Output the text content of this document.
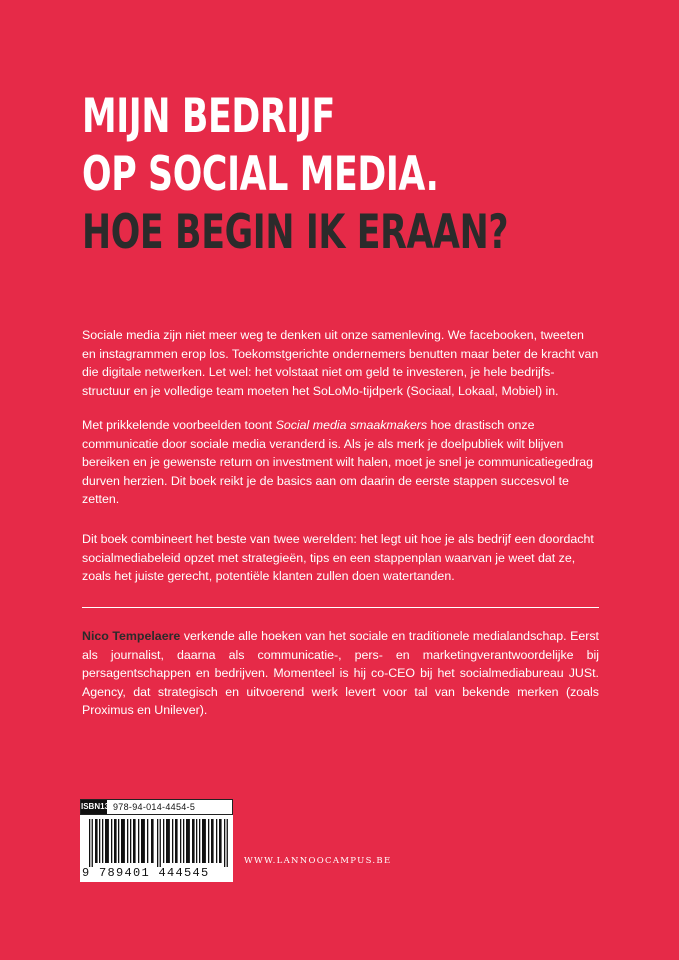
MIJN BEDRIJF
OP SOCIAL MEDIA.
HOE BEGIN IK ERAAN?

Sociale media zijn niet meer weg te denken uit onze samenleving. We facebooken, tweeten en instagrammen erop los. Toekomstgerichte ondernemers benutten maar beter de kracht van die digitale netwerken. Let wel: het volstaat niet om geld te investeren, je hele bedrijfs-structuur en je volledige team moeten het SoLoMo-tijdperk (Sociaal, Lokaal, Mobiel) in.

Met prikkelende voorbeelden toont Social media smaakmakers hoe drastisch onze communicatie door sociale media veranderd is. Als je als merk je doelpubliek wilt blijven bereiken en je gewenste return on investment wilt halen, moet je snel je communicatiegedrag durven herzien. Dit boek reikt je de basics aan om daarin de eerste stappen succesvol te zetten.

Dit boek combineert het beste van twee werelden: het legt uit hoe je als bedrijf een doordacht socialmediabeleid opzet met strategieën, tips en een stappenplan waarvan je weet dat ze, zoals het juiste gerecht, potentiële klanten zullen doen watertanden.

Nico Tempelaere verkende alle hoeken van het sociale en traditionele medialandschap. Eerst als journalist, daarna als communicatie-, pers- en marketingverantwoordelijke bij persagentschappen en bedrijven. Momenteel is hij co-CEO bij het socialmediabureau JUSt. Agency, dat strategisch en uitvoerend werk levert voor tal van bekende merken (zoals Proximus en Unilever).

ISBN13 978-94-014-4454-5
9 789401 444545
WWW.LANNOOCAMPUS.BE
